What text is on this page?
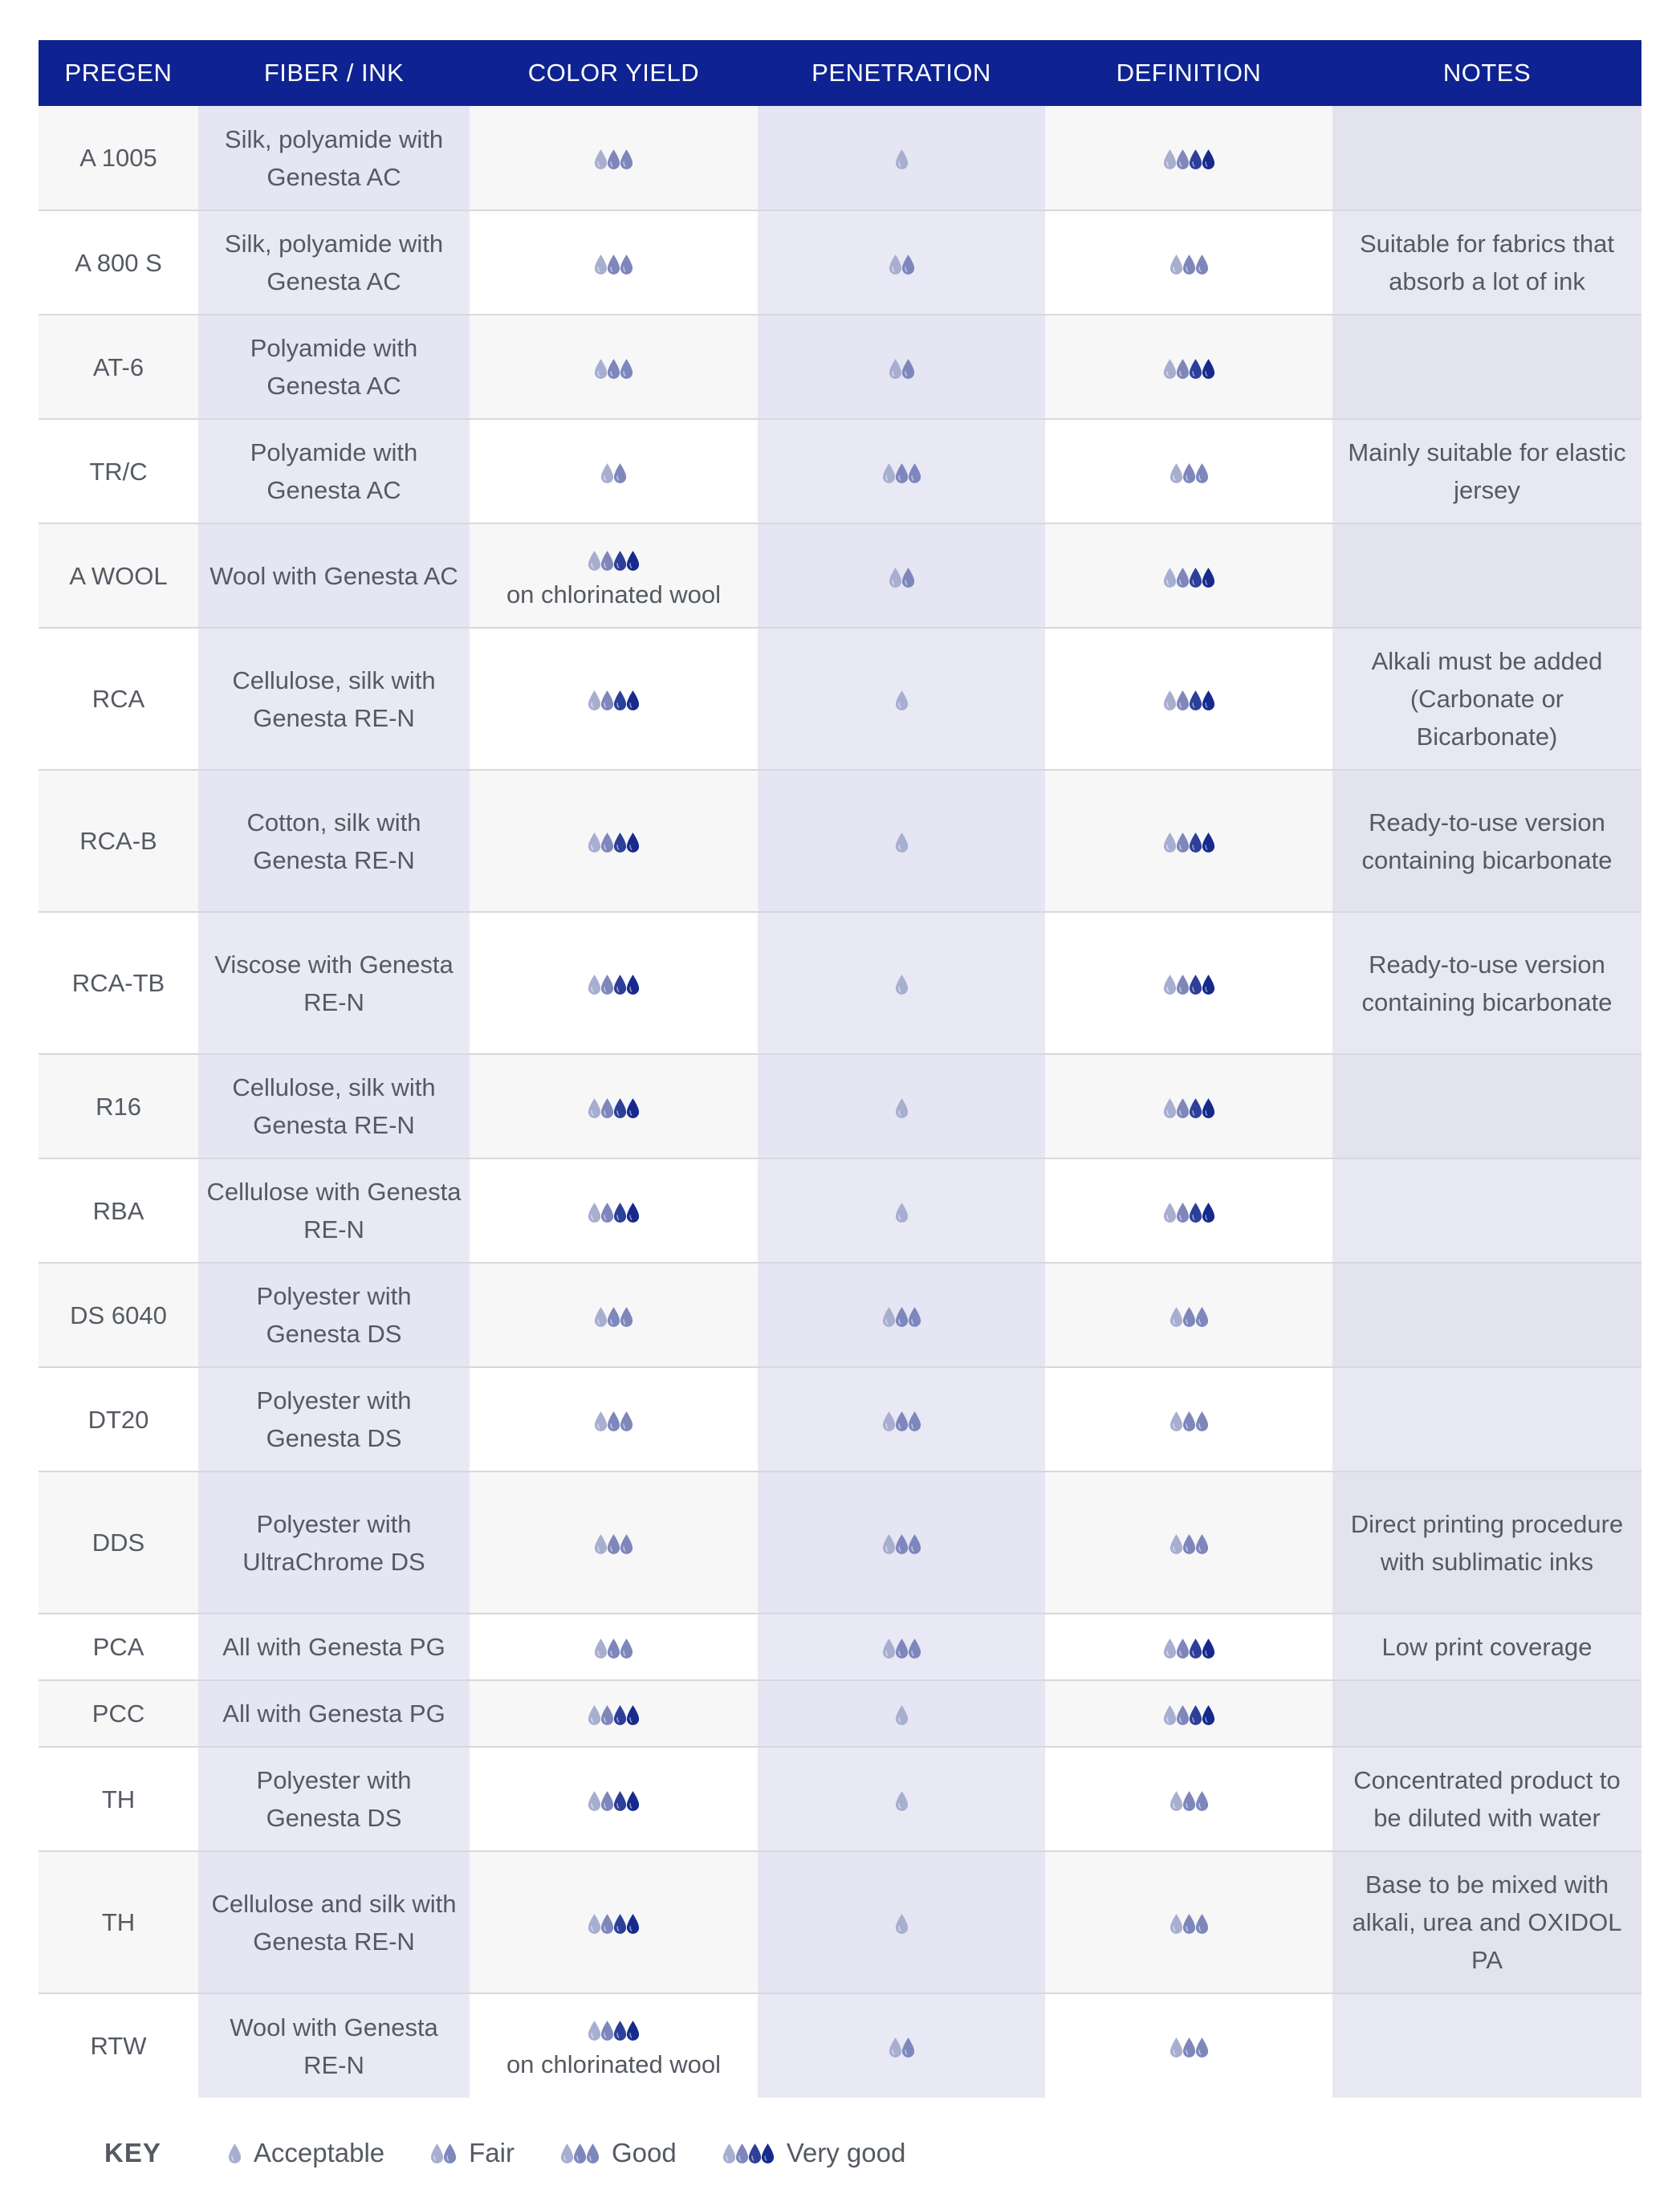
PREGEN	FIBER / INK	COLOR YIELD	PENETRATION	DEFINITION	NOTES
A 1005	Silk, polyamide with Genesta AC	

A 800 S	Silk, polyamide with Genesta AC				Suitable for fabrics that absorb a lot of ink
AT-6	Polyamide with Genesta AC	

TR/C	Polyamide with Genesta AC				Mainly suitable for elastic jersey
A WOOL	Wool with Genesta AC	on chlorinated wool

RCA	Cellulose, silk with Genesta RE-N				Alkali must be added (Carbonate or Bicarbonate)
RCA-B	Cotton, silk with Genesta RE-N				Ready-to-use version containing bicarbonate
RCA-TB	Viscose with Genesta RE-N				Ready-to-use version containing bicarbonate
R16	Cellulose, silk with Genesta RE-N	

RBA	Cellulose with Genesta RE-N	

DS 6040	Polyester with Genesta DS	

DT20	Polyester with Genesta DS	

DDS	Polyester with UltraChrome DS				Direct printing procedure with sublimatic inks
PCA	All with Genesta PG				Low print coverage
PCC	All with Genesta PG	

TH	Polyester with Genesta DS				Concentrated product to be diluted with water
TH	Cellulose and silk with Genesta RE-N				Base to be mixed with alkali, urea and OXIDOL PA
RTW	Wool with Genesta RE-N	on chlorinated wool

KEY	Acceptable	Fair	Good	Very good
